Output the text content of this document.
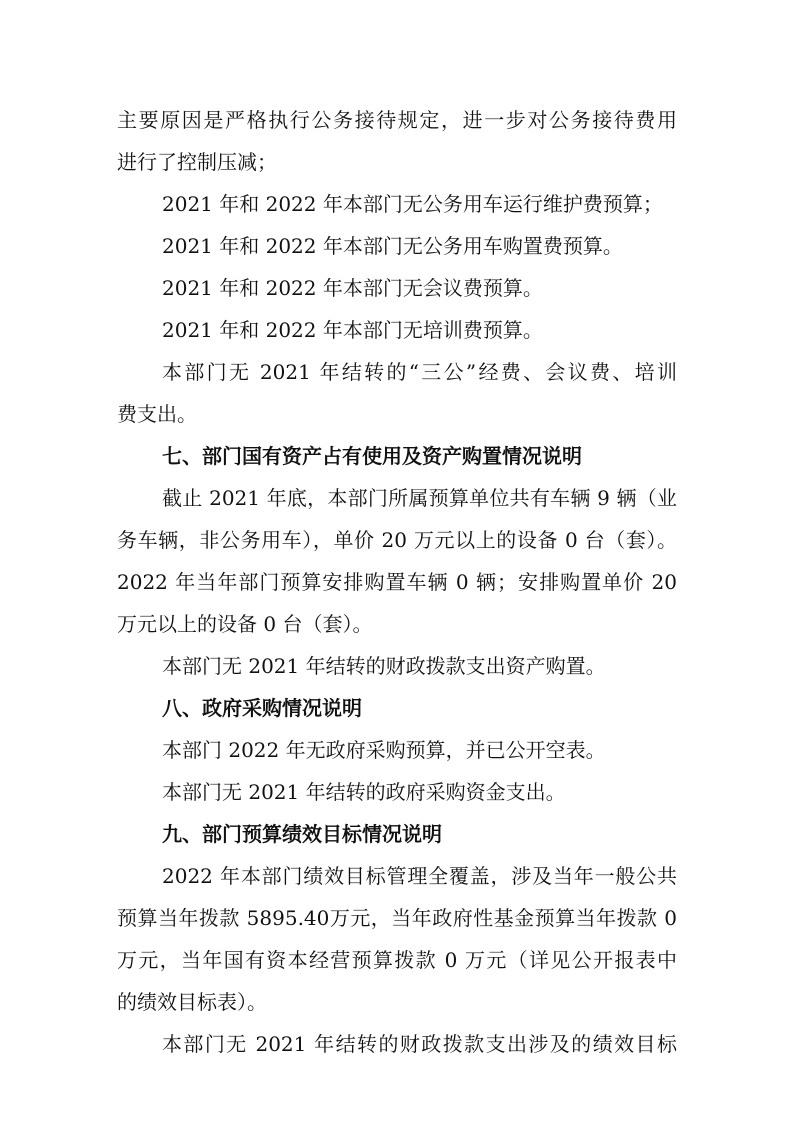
主要原因是严格执行公务接待规定，进一步对公务接待费用

进行了控制压减；

2021 年和 2022 年本部门无公务用车运行维护费预算；

2021 年和 2022 年本部门无公务用车购置费预算。

2021 年和 2022 年本部门无会议费预算。

2021 年和 2022 年本部门无培训费预算。

本部门无 2021 年结转的“三公”经费、会议费、培训

费支出。

七、部门国有资产占有使用及资产购置情况说明

截止 2021 年底，本部门所属预算单位共有车辆 9 辆（业

务车辆，非公务用车），单价 20 万元以上的设备 0 台（套）。

2022 年当年部门预算安排购置车辆 0 辆；安排购置单价 20

万元以上的设备 0 台（套）。

本部门无 2021 年结转的财政拨款支出资产购置。

八、政府采购情况说明

本部门 2022 年无政府采购预算，并已公开空表。

本部门无 2021 年结转的政府采购资金支出。

九、部门预算绩效目标情况说明

2022 年本部门绩效目标管理全覆盖，涉及当年一般公共

预算当年拨款 5895.40万元，当年政府性基金预算当年拨款 0

万元，当年国有资本经营预算拨款 0 万元（详见公开报表中

的绩效目标表）。

本部门无 2021 年结转的财政拨款支出涉及的绩效目标
